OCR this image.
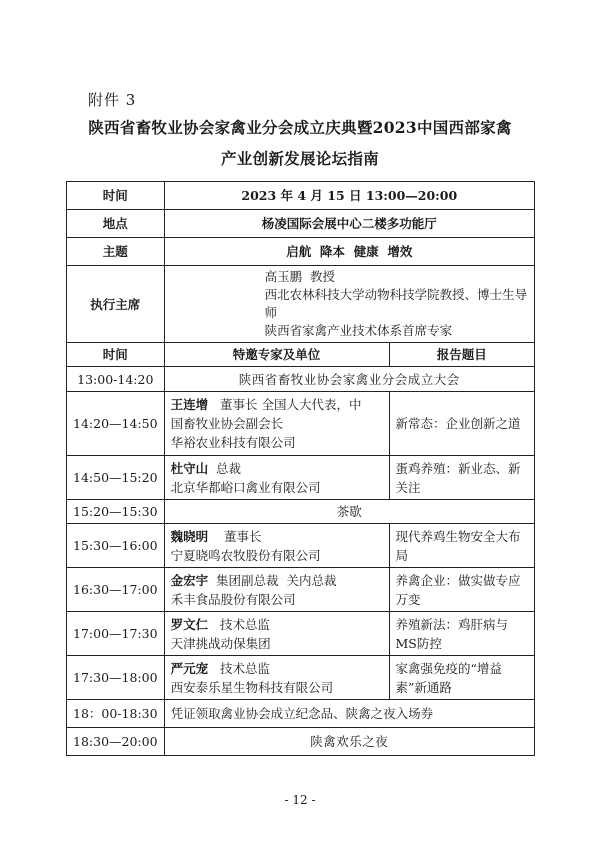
附件 3
陕西省畜牧业协会家禽业分会成立庆典暨2023中国西部家禽
产业创新发展论坛指南
时间	2023 年 4 月 15 日 13:00—20:00	
地点	杨凌国际会展中心二楼多功能厅	
主题	启航  降本  健康  增效	
执行主席	高玉鹏  教授
西北农林科技大学动物科技学院教授、博士生导师
陕西省家禽产业技术体系首席专家	

时间	特邀专家及单位	报告题目
13:00-14:20	陕西省畜牧业协会家禽业分会成立大会	
14:20—14:50	王连增 董事长 全国人大代表，中
国畜牧业协会副会长
华裕农业科技有限公司	新常态：企业创新之道
14:50—15:20	杜守山 总裁
北京华都峪口禽业有限公司	蛋鸡养殖：新业态、新关注
15:20—15:30	茶歇	
15:30—16:00	魏晓明 董事长
宁夏晓鸣农牧股份有限公司	现代养鸡生物安全大布局
16:30—17:00	金宏宇 集团副总裁  关内总裁
禾丰食品股份有限公司	养禽企业：做实做专应万变
17:00—17:30	罗文仁 技术总监
天津挑战动保集团	养殖新法：鸡肝病与MS防控
17:30—18:00	严元宠 技术总监
西安泰乐星生物科技有限公司	家禽强免疫的“增益素”新通路
18：00-18:30	凭证领取禽业协会成立纪念品、陕禽之夜入场券	
18:30—20:00	陕禽欢乐之夜	
- 12 -
